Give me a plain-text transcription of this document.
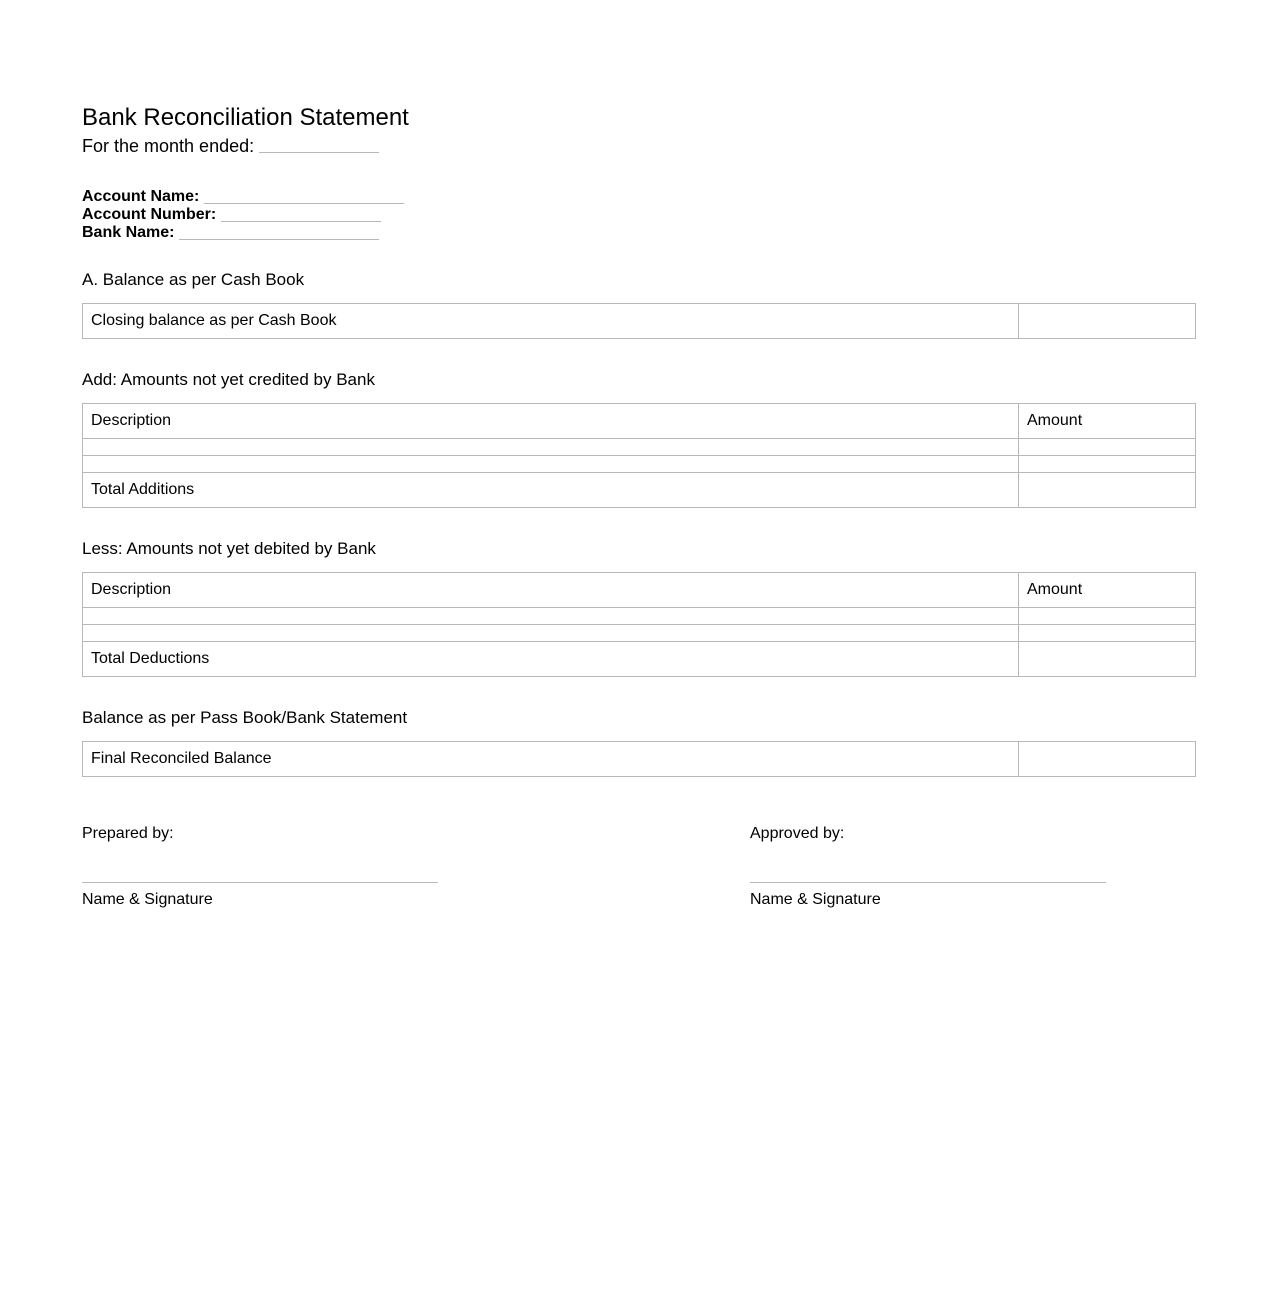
Bank Reconciliation Statement
For the month ended:
Account Name:
Account Number:
Bank Name:
A. Balance as per Cash Book
Closing balance as per Cash Book	
Add: Amounts not yet credited by Bank
Description	Amount

Total Additions	
Less: Amounts not yet debited by Bank
Description	Amount

Total Deductions	
Balance as per Pass Book/Bank Statement
Final Reconciled Balance	
Prepared by:
Name & Signature
Approved by:
Name & Signature
